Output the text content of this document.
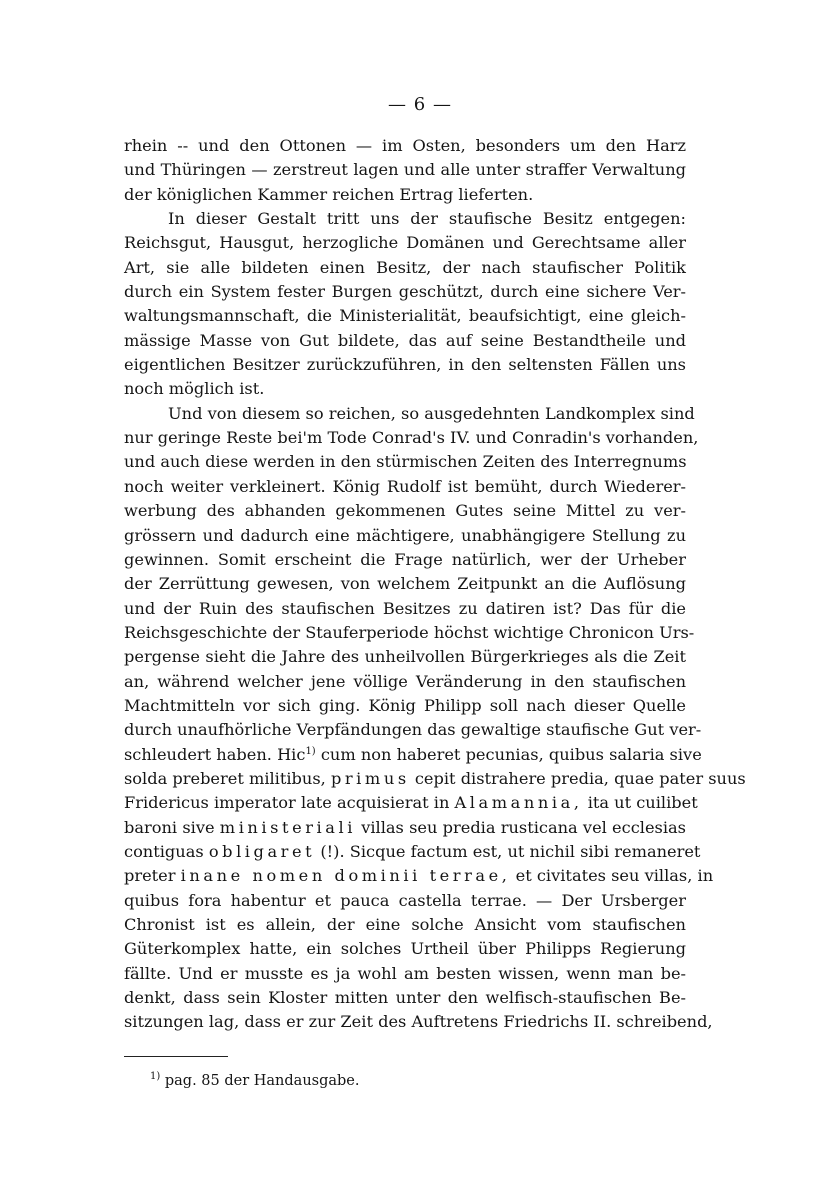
— 6 —
rhein -- und den Ottonen — im Osten, besonders um den Harz
und Thüringen — zerstreut lagen und alle unter straffer Verwaltung
der königlichen Kammer reichen Ertrag lieferten.
In dieser Gestalt tritt uns der staufische Besitz entgegen:
Reichsgut, Hausgut, herzogliche Domänen und Gerechtsame aller
Art, sie alle bildeten einen Besitz, der nach staufischer Politik
durch ein System fester Burgen geschützt, durch eine sichere Ver-
waltungsmannschaft, die Ministerialität, beaufsichtigt, eine gleich-
mässige Masse von Gut bildete, das auf seine Bestandtheile und
eigentlichen Besitzer zurückzuführen, in den seltensten Fällen uns
noch möglich ist.
Und von diesem so reichen, so ausgedehnten Landkomplex sind
nur geringe Reste bei'm Tode Conrad's IV. und Conradin's vorhanden,
und auch diese werden in den stürmischen Zeiten des Interregnums
noch weiter verkleinert. König Rudolf ist bemüht, durch Wiederer-
werbung des abhanden gekommenen Gutes seine Mittel zu ver-
grössern und dadurch eine mächtigere, unabhängigere Stellung zu
gewinnen. Somit erscheint die Frage natürlich, wer der Urheber
der Zerrüttung gewesen, von welchem Zeitpunkt an die Auflösung
und der Ruin des staufischen Besitzes zu datiren ist? Das für die
Reichsgeschichte der Stauferperiode höchst wichtige Chronicon Urs-
pergense sieht die Jahre des unheilvollen Bürgerkrieges als die Zeit
an, während welcher jene völlige Veränderung in den staufischen
Machtmitteln vor sich ging. König Philipp soll nach dieser Quelle
durch unaufhörliche Verpfändungen das gewaltige staufische Gut ver-
schleudert haben. Hic$^{1)}$ cum non haberet pecunias, quibus salaria sive
solda preberet militibus, primus cepit distrahere predia, quae pater suus
Fridericus imperator late acquisierat in Alamannia, ita ut cuilibet
baroni sive ministeriali villas seu predia rusticana vel ecclesias
contiguas obligaret (!). Sicque factum est, ut nichil sibi remaneret
preter inane nomen dominii terrae, et civitates seu villas, in
quibus fora habentur et pauca castella terrae. — Der Ursberger
Chronist ist es allein, der eine solche Ansicht vom staufischen
Güterkomplex hatte, ein solches Urtheil über Philipps Regierung
fällte. Und er musste es ja wohl am besten wissen, wenn man be-
denkt, dass sein Kloster mitten unter den welfisch-staufischen Be-
sitzungen lag, dass er zur Zeit des Auftretens Friedrichs II. schreibend,
$^{1)}$ pag. 85 der Handausgabe.
